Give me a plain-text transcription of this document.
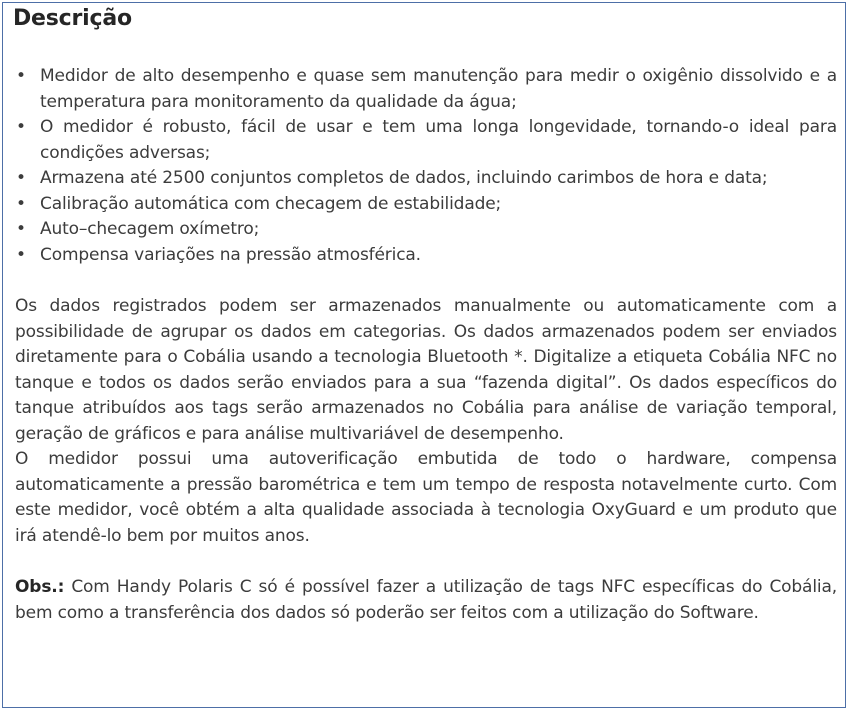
Descrição
• Medidor de alto desempenho e quase sem manutenção para medir o oxigênio dissolvido e a temperatura para monitoramento da qualidade da água;
• O medidor é robusto, fácil de usar e tem uma longa longevidade, tornando-o ideal para condições adversas;
• Armazena até 2500 conjuntos completos de dados, incluindo carimbos de hora e data;
• Calibração automática com checagem de estabilidade;
• Auto–checagem oxímetro;
• Compensa variações na pressão atmosférica.

Os dados registrados podem ser armazenados manualmente ou automaticamente com a possibilidade de agrupar os dados em categorias. Os dados armazenados podem ser enviados diretamente para o Cobália usando a tecnologia Bluetooth *. Digitalize a etiqueta Cobália NFC no tanque e todos os dados serão enviados para a sua “fazenda digital”. Os dados específicos do tanque atribuídos aos tags serão armazenados no Cobália para análise de variação temporal, geração de gráficos e para análise multivariável de desempenho.

O medidor possui uma autoverificação embutida de todo o hardware, compensa automaticamente a pressão barométrica e tem um tempo de resposta notavelmente curto. Com este medidor, você obtém a alta qualidade associada à tecnologia OxyGuard e um produto que irá atendê-lo bem por muitos anos.

Obs.: Com Handy Polaris C só é possível fazer a utilização de tags NFC específicas do Cobália, bem como a transferência dos dados só poderão ser feitos com a utilização do Software.
